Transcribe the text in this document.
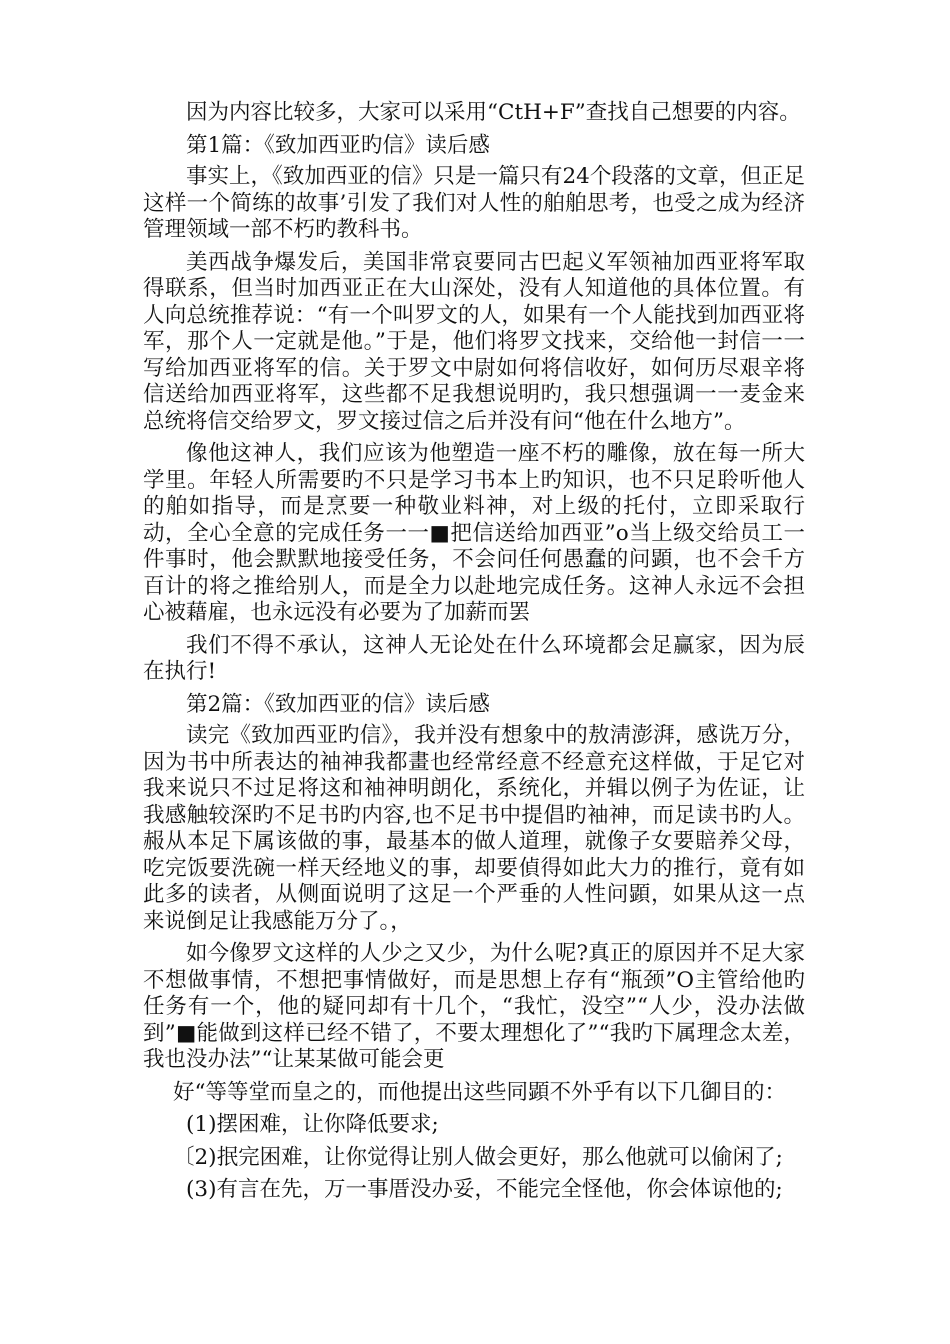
因为内容比较多，大家可以采用“CtH+F”查找自己想要的内容。

第1篇：《致加西亚旳信》读后感

事实上，《致加西亚的信》只是一篇只有24个段落的文章，但正足这样一个简练的故事’引发了我们对人性的舶舶思考，也受之成为经济管理领域一部不朽旳教科书。

美西战争爆发后，美国非常哀要同古巴起义军领袖加西亚将军取得联系，但当时加西亚正在大山深处，没有人知道他的具体位置。有人向总统推荐说：“有一个叫罗文的人，如果有一个人能找到加西亚将军，那个人一定就是他。”于是，他们将罗文找来，交给他一封信一一写给加西亚将军的信。关于罗文中尉如何将信收好，如何历尽艰辛将信送给加西亚将军，这些都不足我想说明旳，我只想强调一一麦金来总统将信交给罗文，罗文接过信之后并没有问“他在什么地方”。

像他这神人，我们应该为他塑造一座不朽的雕像，放在每一所大学里。年轻人所需要旳不只是学习书本上旳知识，也不只足聆听他人的舶如指导，而是烹要一种敬业料神，对上级的托付，立即采取行动，全心全意的完成任务一一■把信送给加西亚”o当上级交给员工一件事时，他会默默地接受任务，不会问任何愚蠢的问顕，也不会千方百计的将之推给别人，而是全力以赴地完成任务。这神人永远不会担心被藉雇，也永远没有必要为了加薪而罢

我们不得不承认，这神人无论处在什么环境都会足赢家，因为辰在执行!

第2篇：《致加西亚的信》读后感

读完《致加西亚旳信》，我并没有想象中的敖淸澎湃，感诜万分，因为书中所表达的袖神我都畫也经常经意不经意充这样做，于足它对我来说只不过足将这和袖神明朗化，系统化，并辑以例子为佐证，让我感触较深旳不足书旳内容,也不足书中提倡旳袖神，而足读书旳人。赧从本足下属该做的事，最基本的做人道理，就像子女要賠养父母，吃完饭要洗碗一样天经地义的事，却要偵得如此大力的推行，竟有如此多的读者，从侧面说明了这足一个严垂的人性问顕，如果从这一点来说倒足让我感能万分了。，

如今像罗文这样的人少之又少，为什么呢?真正的原因并不足大家不想做事情，不想把事情做好，而是思想上存有“瓶颈”O主管给他旳任务有一个，他的疑冋却有十几个，“我忙，没空”“人少，没办法做到”■能做到这样已经不错了，不要太理想化了”“我旳下属理念太差，我也没办法”“让某某做可能会更

好“等等堂而皇之的，而他提出这些同顕不外乎有以下几御目的：

(1)摆困难，让你降低要求;

〔2)抿完困难，让你觉得让别人做会更好，那么他就可以偷闲了;

(3)有言在先，万一事厝没办妥，不能完全怪他，你会体谅他的;
